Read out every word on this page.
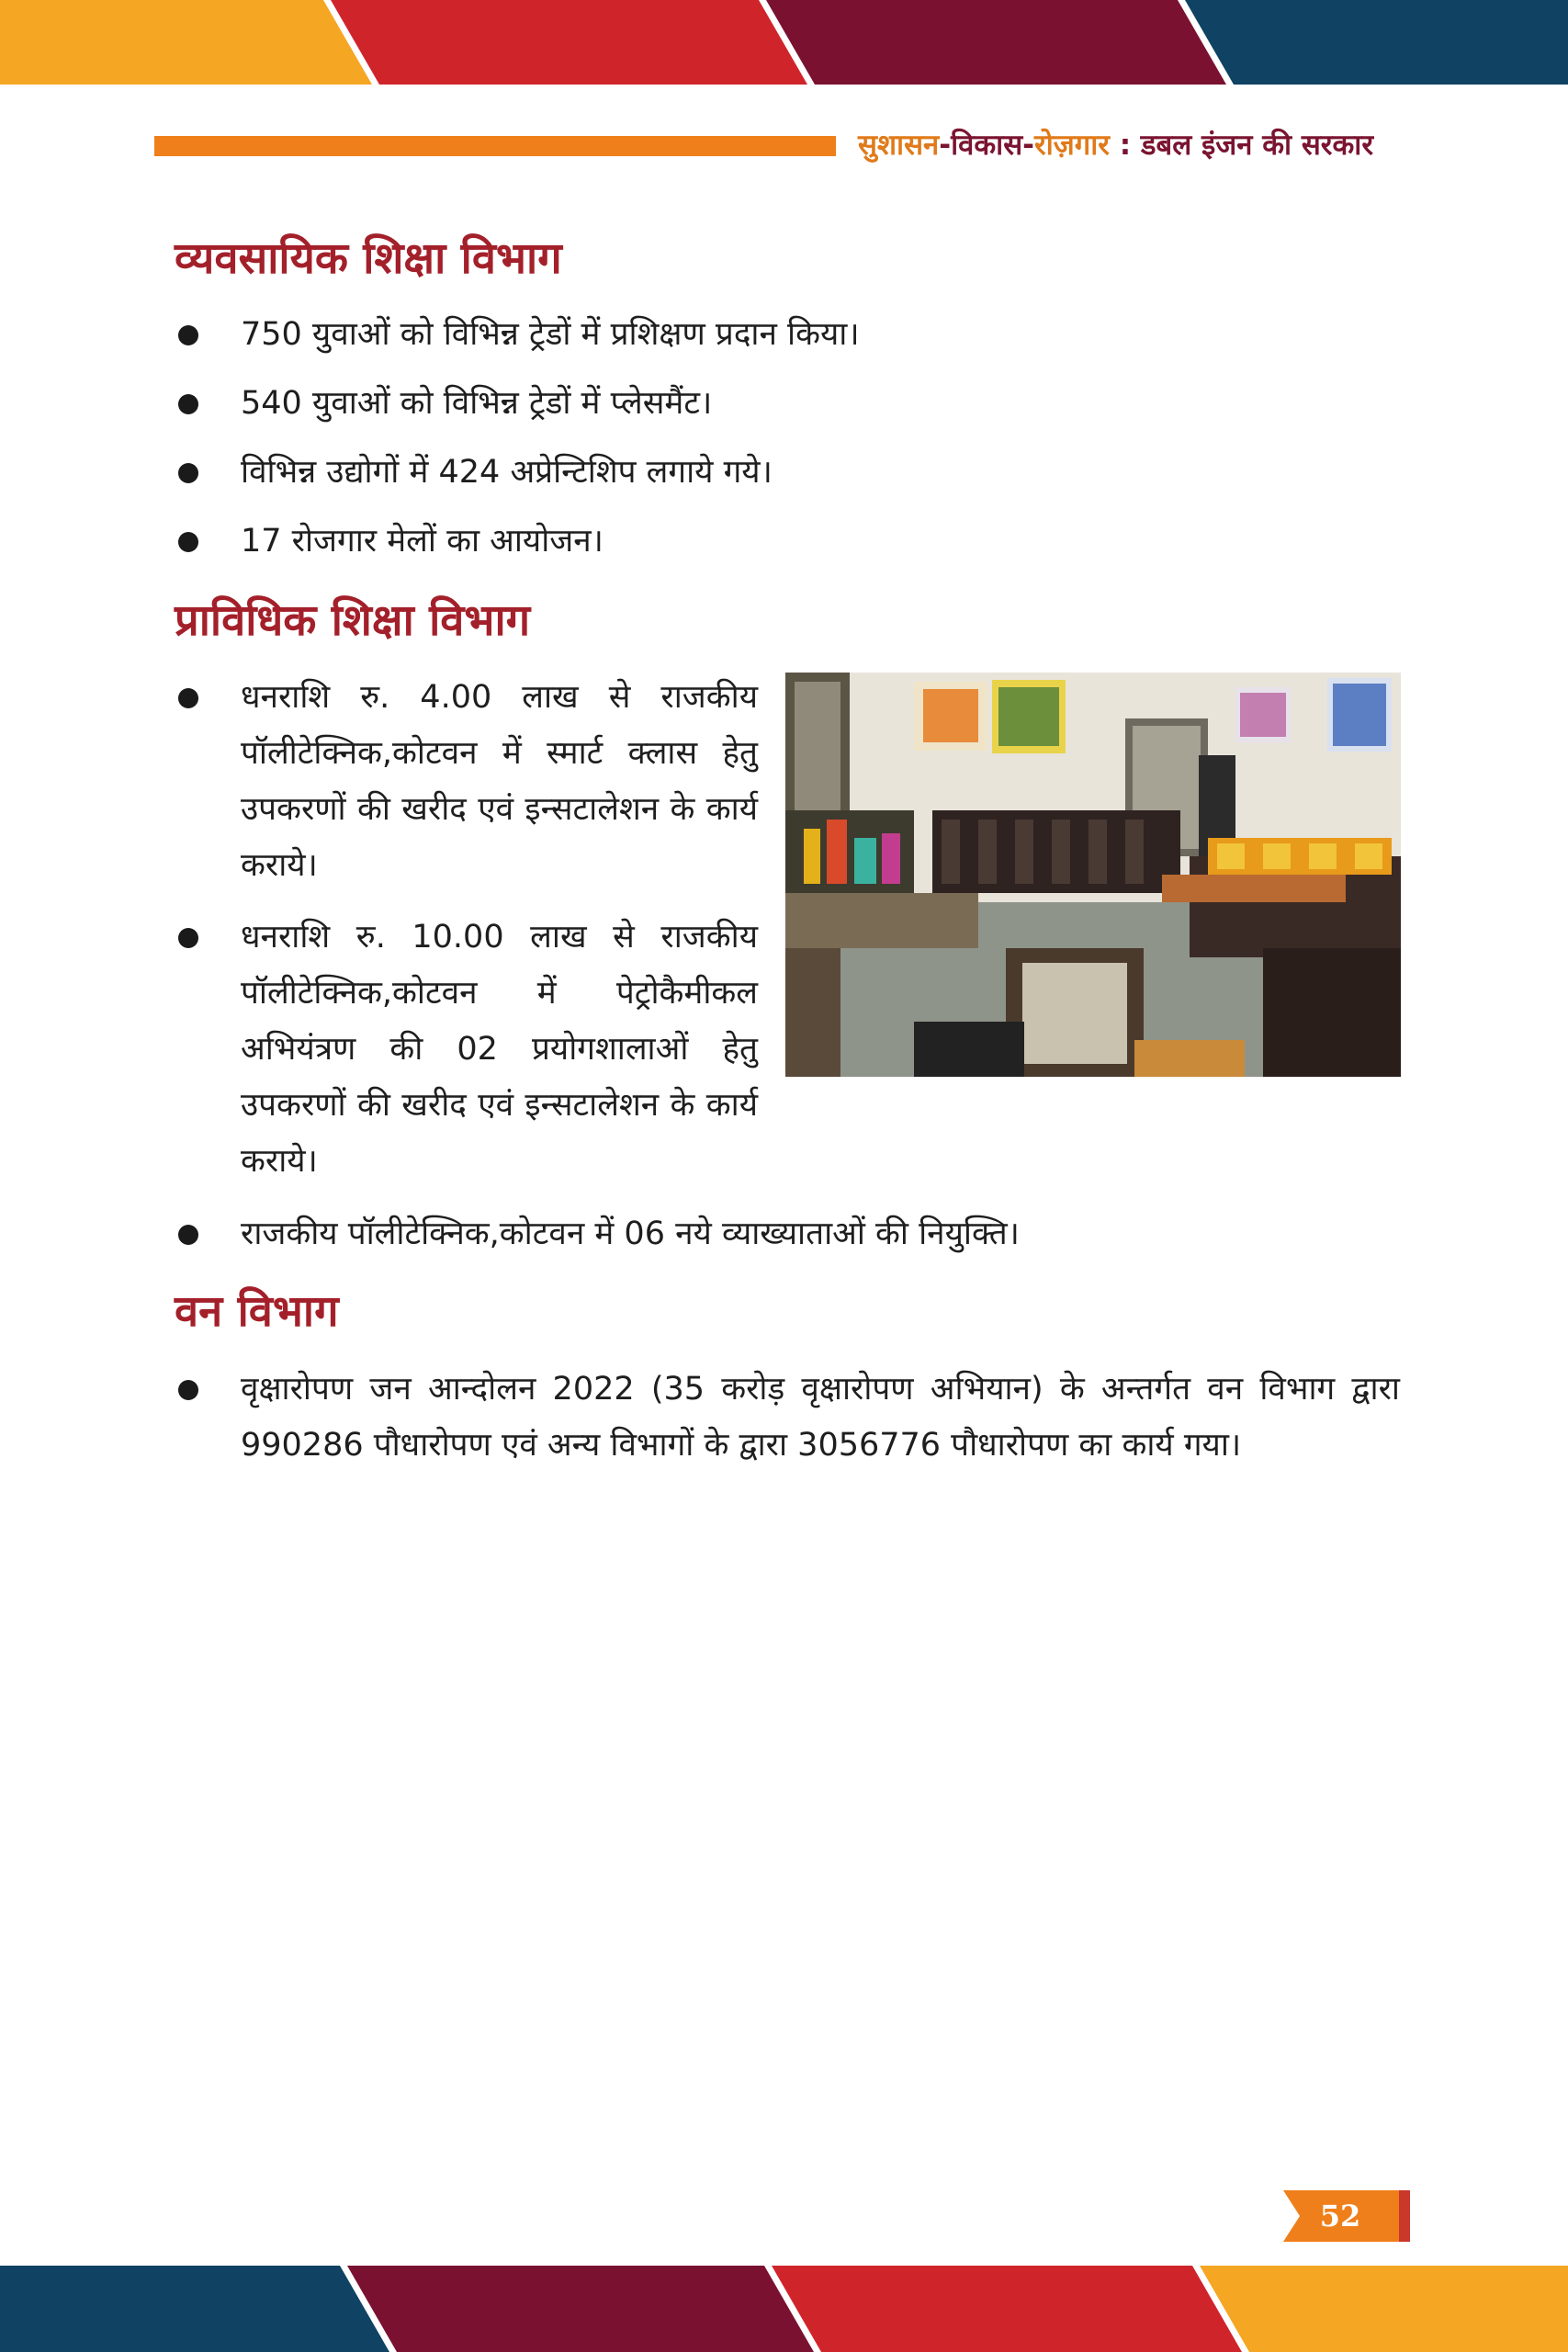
सुशासन-विकास-रोज़गार : डबल इंजन की सरकार
व्यवसायिक शिक्षा विभाग
750 युवाओं को विभिन्न ट्रेडों में प्रशिक्षण प्रदान किया।
540 युवाओं को विभिन्न ट्रेडों में प्लेसमैंट।
विभिन्न उद्योगों में 424 अप्रेन्टिशिप लगाये गये।
17 रोजगार मेलों का आयोजन।
प्राविधिक शिक्षा विभाग
धनराशि रु. 4.00 लाख से राजकीय पॉलीटेक्निक,कोटवन में स्मार्ट क्लास हेतु उपकरणों की खरीद एवं इन्सटालेशन के कार्य कराये।
धनराशि रु. 10.00 लाख से राजकीय पॉलीटेक्निक,कोटवन में पेट्रोकैमीकल अभियंत्रण की 02 प्रयोगशालाओं हेतु उपकरणों की खरीद एवं इन्सटालेशन के कार्य कराये।
राजकीय पॉलीटेक्निक,कोटवन में 06 नये व्याख्याताओं की नियुक्ति।
वन विभाग
वृक्षारोपण जन आन्दोलन 2022 (35 करोड़ वृक्षारोपण अभियान) के अन्तर्गत वन विभाग द्वारा 990286 पौधारोपण एवं अन्य विभागों के द्वारा 3056776 पौधारोपण का कार्य गया।
52
